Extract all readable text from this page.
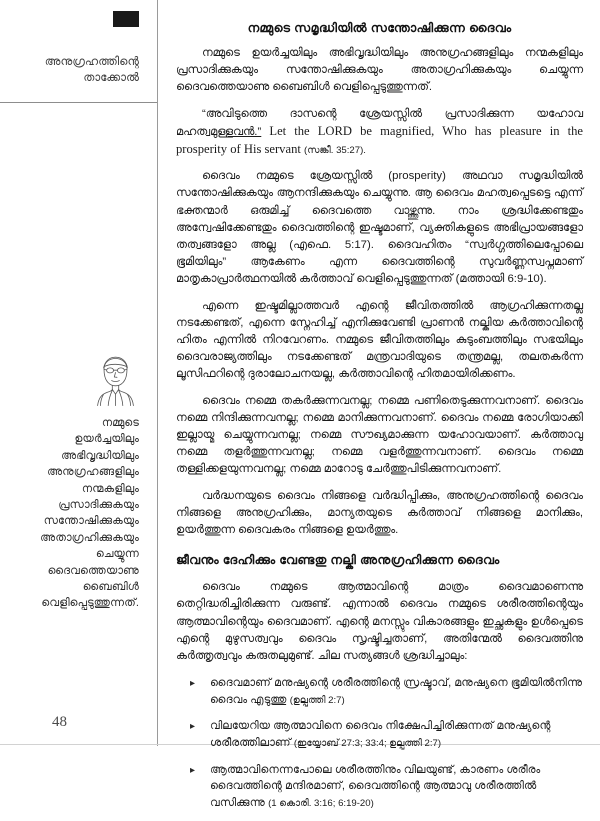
അനുഗ്രഹത്തിന്റെ
താക്കോൽ
നമ്മുടെ
ഉയർച്ചയിലും
അഭിവൃദ്ധിയിലും
അനുഗ്രഹങ്ങളിലും
നന്മകളിലും
പ്രസാദിക്കുകയും
സന്തോഷിക്കുകയും
അതാഗ്രഹിക്കുകയും
ചെയ്യുന്ന
ദൈവത്തെയാണു
ബൈബിൾ
വെളിപ്പെടുത്തുന്നത്.
48
നമ്മുടെ സമൃദ്ധിയിൽ സന്തോഷിക്കുന്ന ദൈവം

നമ്മുടെ ഉയർച്ചയിലും അഭിവൃദ്ധിയിലും അനുഗ്രഹങ്ങളിലും നന്മകളിലും പ്രസാദിക്കുകയും സന്തോഷിക്കുകയും അതാഗ്രഹിക്കുകയും ചെയ്യുന്ന ദൈവത്തെയാണു ബൈബിൾ വെളിപ്പെടുത്തുന്നത്.

“അവിടുത്തെ ദാസന്റെ ശ്രേയസ്സിൽ പ്രസാദിക്കുന്ന യഹോവ മഹത്വമുള്ളവൻ.” Let the LORD be magnified, Who has pleasure in the prosperity of His servant (സങ്കീ. 35:27).

ദൈവം നമ്മുടെ ശ്രേയസ്സിൽ (prosperity) അഥവാ സമൃദ്ധിയിൽ സന്തോഷിക്കുകയും ആനന്ദിക്കുകയും ചെയ്യുന്നു. ആ ദൈവം മഹത്വപ്പെടട്ടെ എന്ന് ഭക്തന്മാർ ഒരുമിച്ച് ദൈവത്തെ വാഴ്ത്തുന്നു. നാം ശ്രദ്ധിക്കേണ്ടതും അന്വേഷിക്കേണ്ടതും ദൈവത്തിന്റെ ഇഷ്ടമാണ്, വ്യക്തികളുടെ അഭിപ്രായങ്ങളോ തത്വങ്ങളോ അല്ല (എഫെ. 5:17). ദൈവഹിതം “സ്വർഗ്ഗത്തിലെപ്പോലെ ഭൂമിയിലും” ആകേണം എന്ന ദൈവത്തിന്റെ സുവർണ്ണസ്വപ്നമാണ് മാതൃകാപ്രാർത്ഥനയിൽ കർത്താവ് വെളിപ്പെടുത്തുന്നത് (മത്തായി 6:9-10).

എന്നെ ഇഷ്ടമില്ലാത്തവർ എന്റെ ജീവിതത്തിൽ ആഗ്രഹിക്കുന്നതല്ല നടക്കേണ്ടത്, എന്നെ സ്നേഹിച്ച് എനിക്കുവേണ്ടി പ്രാണൻ നല്കിയ കർത്താവിന്റെ ഹിതം എന്നിൽ നിറവേറണം. നമ്മുടെ ജീവിതത്തിലും കുടുംബത്തിലും സഭയിലും ദൈവരാജ്യത്തിലും നടക്കേണ്ടത് മന്ത്രവാദിയുടെ തന്ത്രമല്ല, തലതകർന്ന ലൂസിഫറിന്റെ ദുരാലോചനയല്ല, കർത്താവിന്റെ ഹിതമായിരിക്കണം.

ദൈവം നമ്മെ തകർക്കുന്നവനല്ല; നമ്മെ പണിതെടുക്കുന്നവനാണ്. ദൈവം നമ്മെ നിന്ദിക്കുന്നവനല്ല; നമ്മെ മാനിക്കുന്നവനാണ്. ദൈവം നമ്മെ രോഗിയാക്കി ഇല്ലായ്മ ചെയ്യുന്നവനല്ല; നമ്മെ സൗഖ്യമാക്കുന്ന യഹോവയാണ്. കർത്താവു നമ്മെ തളർത്തുന്നവനല്ല; നമ്മെ വളർത്തുന്നവനാണ്. ദൈവം നമ്മെ തള്ളിക്കളയുന്നവനല്ല; നമ്മെ മാറോടു ചേർത്തുപിടിക്കുന്നവനാണ്.

വർദ്ധനയുടെ ദൈവം നിങ്ങളെ വർദ്ധിപ്പിക്കും, അനുഗ്രഹത്തിന്റെ ദൈവം നിങ്ങളെ അനുഗ്രഹിക്കും, മാന്യതയുടെ കർത്താവ് നിങ്ങളെ മാനിക്കും, ഉയർത്തുന്ന ദൈവകരം നിങ്ങളെ ഉയർത്തും.

ജീവനും ദേഹിക്കും വേണ്ടതു നല്കി അനുഗ്രഹിക്കുന്ന ദൈവം

ദൈവം നമ്മുടെ ആത്മാവിന്റെ മാത്രം ദൈവമാണെന്നു തെറ്റിദ്ധരിച്ചിരിക്കുന്ന വരുണ്ട്. എന്നാൽ ദൈവം നമ്മുടെ ശരീരത്തിന്റെയും ആത്മാവിന്റെയും ദൈവമാണ്. എന്റെ മനസ്സും വികാരങ്ങളും ഇച്ഛകളും ഉൾപ്പെടെ എന്റെ മുഴുസത്വവും ദൈവം സൃഷ്ടിച്ചതാണ്, അതിന്മേൽ ദൈവത്തിനു കർത്തൃത്വവും കരുതലുമുണ്ട്. ചില സത്യങ്ങൾ ശ്രദ്ധിച്ചാലും:

▸ ദൈവമാണ് മനുഷ്യന്റെ ശരീരത്തിന്റെ സ്രഷ്ടാവ്, മനുഷ്യനെ ഭൂമിയിൽനിന്നു ദൈവം എടുത്തു (ഉല്പത്തി 2:7)
▸ വിലയേറിയ ആത്മാവിനെ ദൈവം നിക്ഷേപിച്ചിരിക്കുന്നത് മനുഷ്യന്റെ ശരീരത്തിലാണ് (ഇയ്യോബ് 27:3; 33:4; ഉല്പത്തി 2:7)
▸ ആത്മാവിനെന്നപോലെ ശരീരത്തിനും വിലയുണ്ട്, കാരണം ശരീരം ദൈവത്തിന്റെ മന്ദിരമാണ്, ദൈവത്തിന്റെ ആത്മാവു ശരീരത്തിൽ വസിക്കുന്നു (1 കൊരി. 3:16; 6:19-20)
